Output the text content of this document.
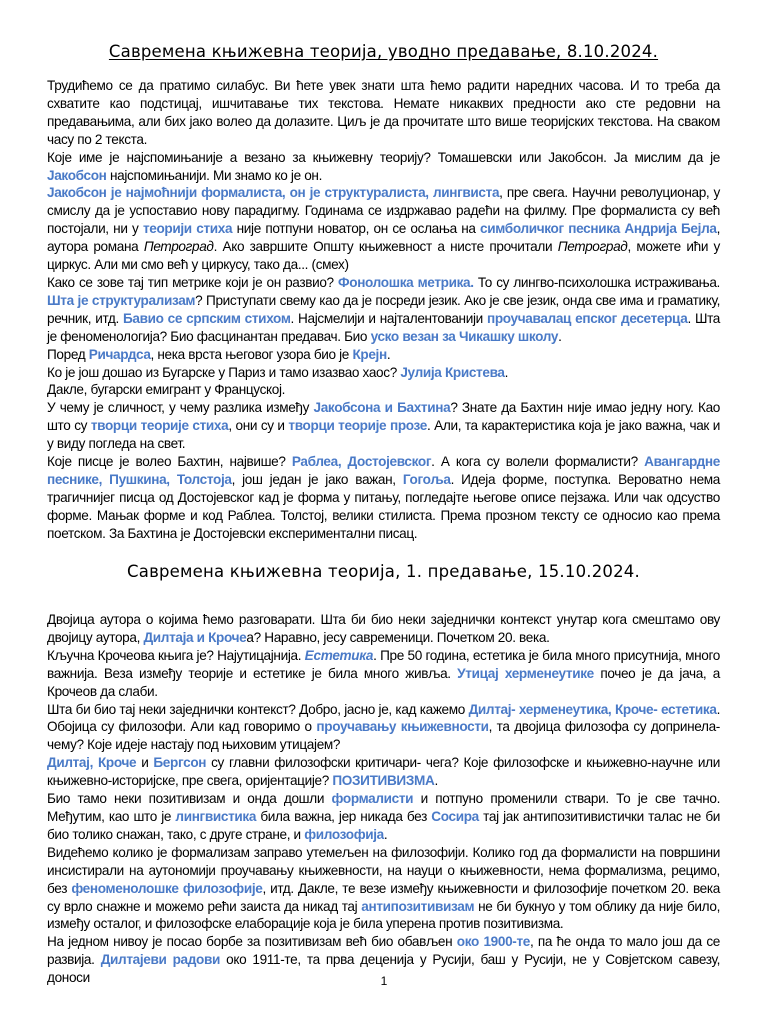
Савремена књижевна теорија, уводно предавање, 8.10.2024.

Трудићемо се да пратимо силабус. Ви ћете увек знати шта ћемо радити наредних часова. И то треба да схватите као подстицај, ишчитавање тих текстова. Немате никаквих предности ако сте редовни на предавањима, али бих јако волео да долазите. Циљ је да прочитате што више теоријских текстова. На сваком часу по 2 текста.

Које име је најспомињаније а везано за књижевну теорију? Томашевски или Јакобсон. Ја мислим да је Јакобсон најспомињанији. Ми знамо ко је он.

Јакобсон је најмоћнији формалиста, он је структуралиста, лингвиста, пре свега. Научни револуционар, у смислу да је успоставио нову парадигму. Годинама се издржавао радећи на филму. Пре формалиста су већ постојали, ни у теорији стиха није потпуни новатор, он се ослања на симболичког песника Андрија Бејла, аутора романа Петроград. Ако завршите Општу књижевност а нисте прочитали Петроград, можете ићи у циркус. Али ми смо већ у циркусу, тако да... (смех)

Како се зове тај тип метрике који је он развио? Фонолошка метрика. То су лингво-психолошка истраживања. Шта је структурализам? Приступати свему као да је посреди језик. Ако је све језик, онда све има и граматику, речник, итд. Бавио се српским стихом. Најсмелији и најталентованији проучавалац епског десетерца. Шта је феноменологија? Био фасцинантан предавач. Био уско везан за Чикашку школу.

Поред Ричардса, нека врста његовог узора био је Крејн.

Ко је још дошао из Бугарске у Париз и тамо изазвао хаос? Јулија Кристева.

Дакле, бугарски емигрант у Француској.

У чему је сличност, у чему разлика између Јакобсона и Бахтина? Знате да Бахтин није имао једну ногу. Као што су творци теорије стиха, они су и творци теорије прозе. Али, та карактеристика која је јако важна, чак и у виду погледа на свет.

Које писце је волео Бахтин, највише? Раблеа, Достојевског. А кога су волели формалисти? Авангардне песнике, Пушкина, Толстоја, још један је јако важан, Гогоља. Идеја форме, поступка. Вероватно нема трагичнијег писца од Достојевског кад је форма у питању, погледајте његове описе пејзажа. Или чак одсуство форме. Мањак форме и код Раблеа. Толстој, велики стилиста. Према прозном тексту се односио као према поетском. За Бахтина је Достојевски експериментални писац.

Савремена књижевна теорија, 1. предавање, 15.10.2024.

Двојица аутора о којима ћемо разговарати. Шта би био неки заједнички контекст унутар кога смештамо ову двојицу аутора, Дилтаја и Крочеа? Наравно, јесу савременици. Почетком 20. века.

Кључна Крочеова књига је? Најутицајнија. Естетика. Пре 50 година, естетика је била много присутнија, много важнија. Веза између теорије и естетике је била много живља. Утицај херменеутике почео је да јача, а Крочеов да слаби.

Шта би био тај неки заједнички контекст? Добро, јасно је, кад кажемо Дилтај- херменеутика, Кроче- естетика. Обојица су филозофи. Али кад говоримо о проучавању књижевности, та двојица филозофа су допринела- чему? Које идеје настају под њиховим утицајем?

Дилтај, Кроче и Бергсон су главни филозофски критичари- чега? Које филозофске и књижевно-научне или књижевно-историјске, пре свега, оријентације? ПОЗИТИВИЗМА.

Био тамо неки позитивизам и онда дошли формалисти и потпуно променили ствари. То је све тачно. Међутим, као што је лингвистика била важна, јер никада без Сосира тај јак антипозитивистички талас не би био толико снажан, тако, с друге стране, и филозофија.

Видећемо колико је формализам заправо утемељен на филозофији. Колико год да формалисти на површини инсистирали на аутономији проучавању књижевности, на науци о књижевности, нема формализма, рецимо, без феноменолошке филозофије, итд. Дакле, те везе између књижевности и филозофије почетком 20. века су врло снажне и можемо рећи заиста да никад тај антипозитивизам не би букнуо у том облику да није било, између осталог, и филозофске елаборације која је била уперена против позитивизма.

На једном нивоу је посао борбе за позитивизам већ био обављен око 1900-те, па ће онда то мало још да се развија. Дилтајеви радови око 1911-те, та прва деценија у Русији, баш у Русији, не у Совјетском савезу, доноси	1
